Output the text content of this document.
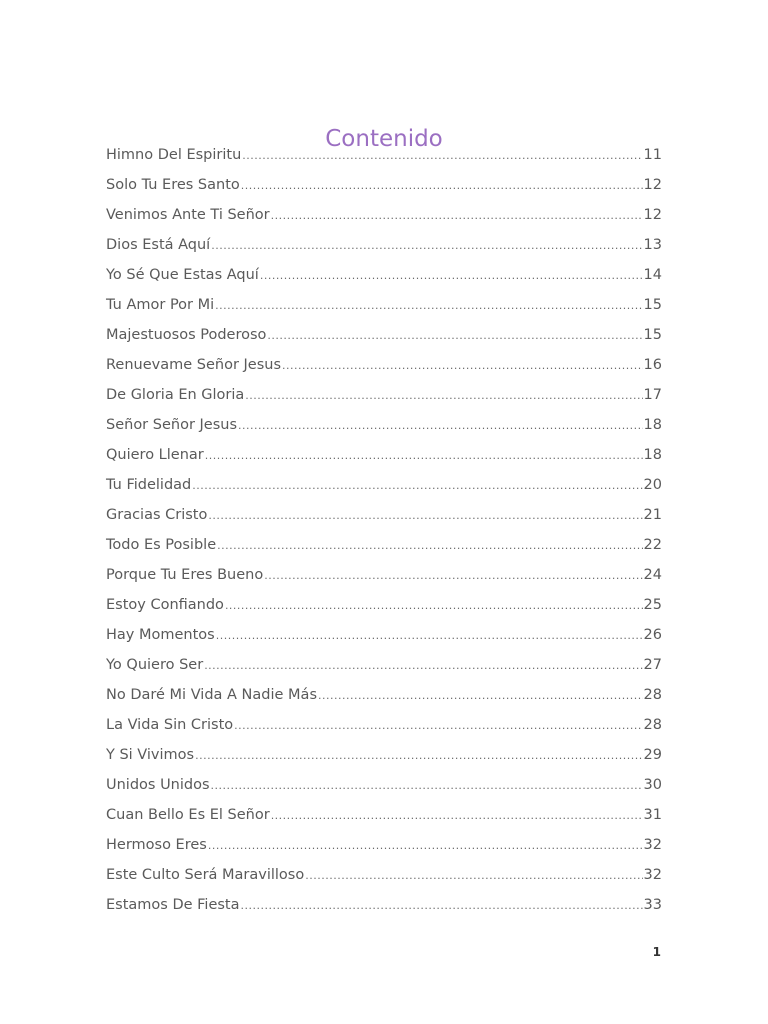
Contenido
Himno Del Espiritu .....	11
Solo Tu Eres Santo .....	12
Venimos Ante Ti Señor .....	12
Dios Está Aquí .....	13
Yo Sé Que Estas Aquí .....	14
Tu Amor Por Mi .....	15
Majestuosos Poderoso .....	15
Renuevame Señor Jesus .....	16
De Gloria En Gloria .....	17
Señor Señor Jesus .....	18
Quiero Llenar .....	18
Tu Fidelidad .....	20
Gracias Cristo .....	21
Todo Es Posible .....	22
Porque Tu Eres Bueno .....	24
Estoy Confiando .....	25
Hay Momentos .....	26
Yo Quiero Ser .....	27
No Daré Mi Vida A Nadie Más .....	28
La Vida Sin Cristo .....	28
Y Si Vivimos .....	29
Unidos Unidos .....	30
Cuan Bello Es El Señor .....	31
Hermoso Eres .....	32
Este Culto Será Maravilloso .....	32
Estamos De Fiesta .....	33
1
